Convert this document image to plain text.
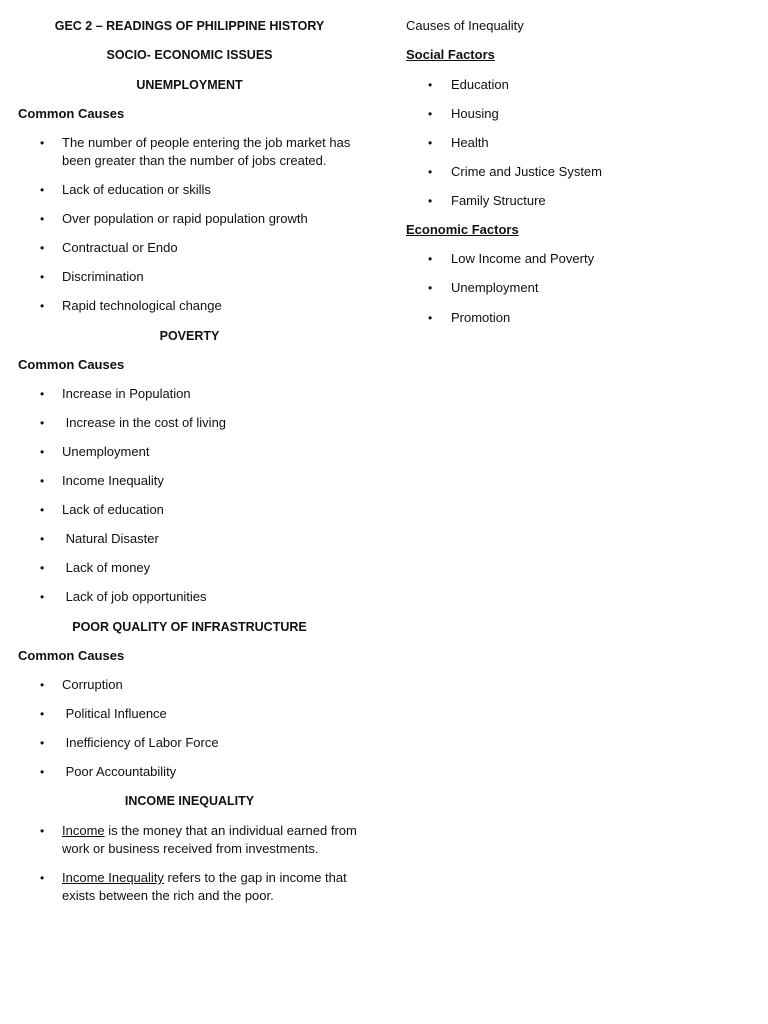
GEC 2 – READINGS OF PHILIPPINE HISTORY
SOCIO- ECONOMIC ISSUES
UNEMPLOYMENT
Common Causes
• The number of people entering the job market has been greater than the number of jobs created.
• Lack of education or skills
• Over population or rapid population growth
• Contractual or Endo
• Discrimination
• Rapid technological change
POVERTY
Common Causes
• Increase in Population
• Increase in the cost of living
• Unemployment
• Income Inequality
• Lack of education
• Natural Disaster
• Lack of money
• Lack of job opportunities
POOR QUALITY OF INFRASTRUCTURE
Common Causes
• Corruption
• Political Influence
• Inefficiency of Labor Force
• Poor Accountability
INCOME INEQUALITY
• Income is the money that an individual earned from work or business received from investments.
• Income Inequality refers to the gap in income that exists between the rich and the poor.
Causes of Inequality
Social Factors
• Education
• Housing
• Health
• Crime and Justice System
• Family Structure
Economic Factors
• Low Income and Poverty
• Unemployment
• Promotion
